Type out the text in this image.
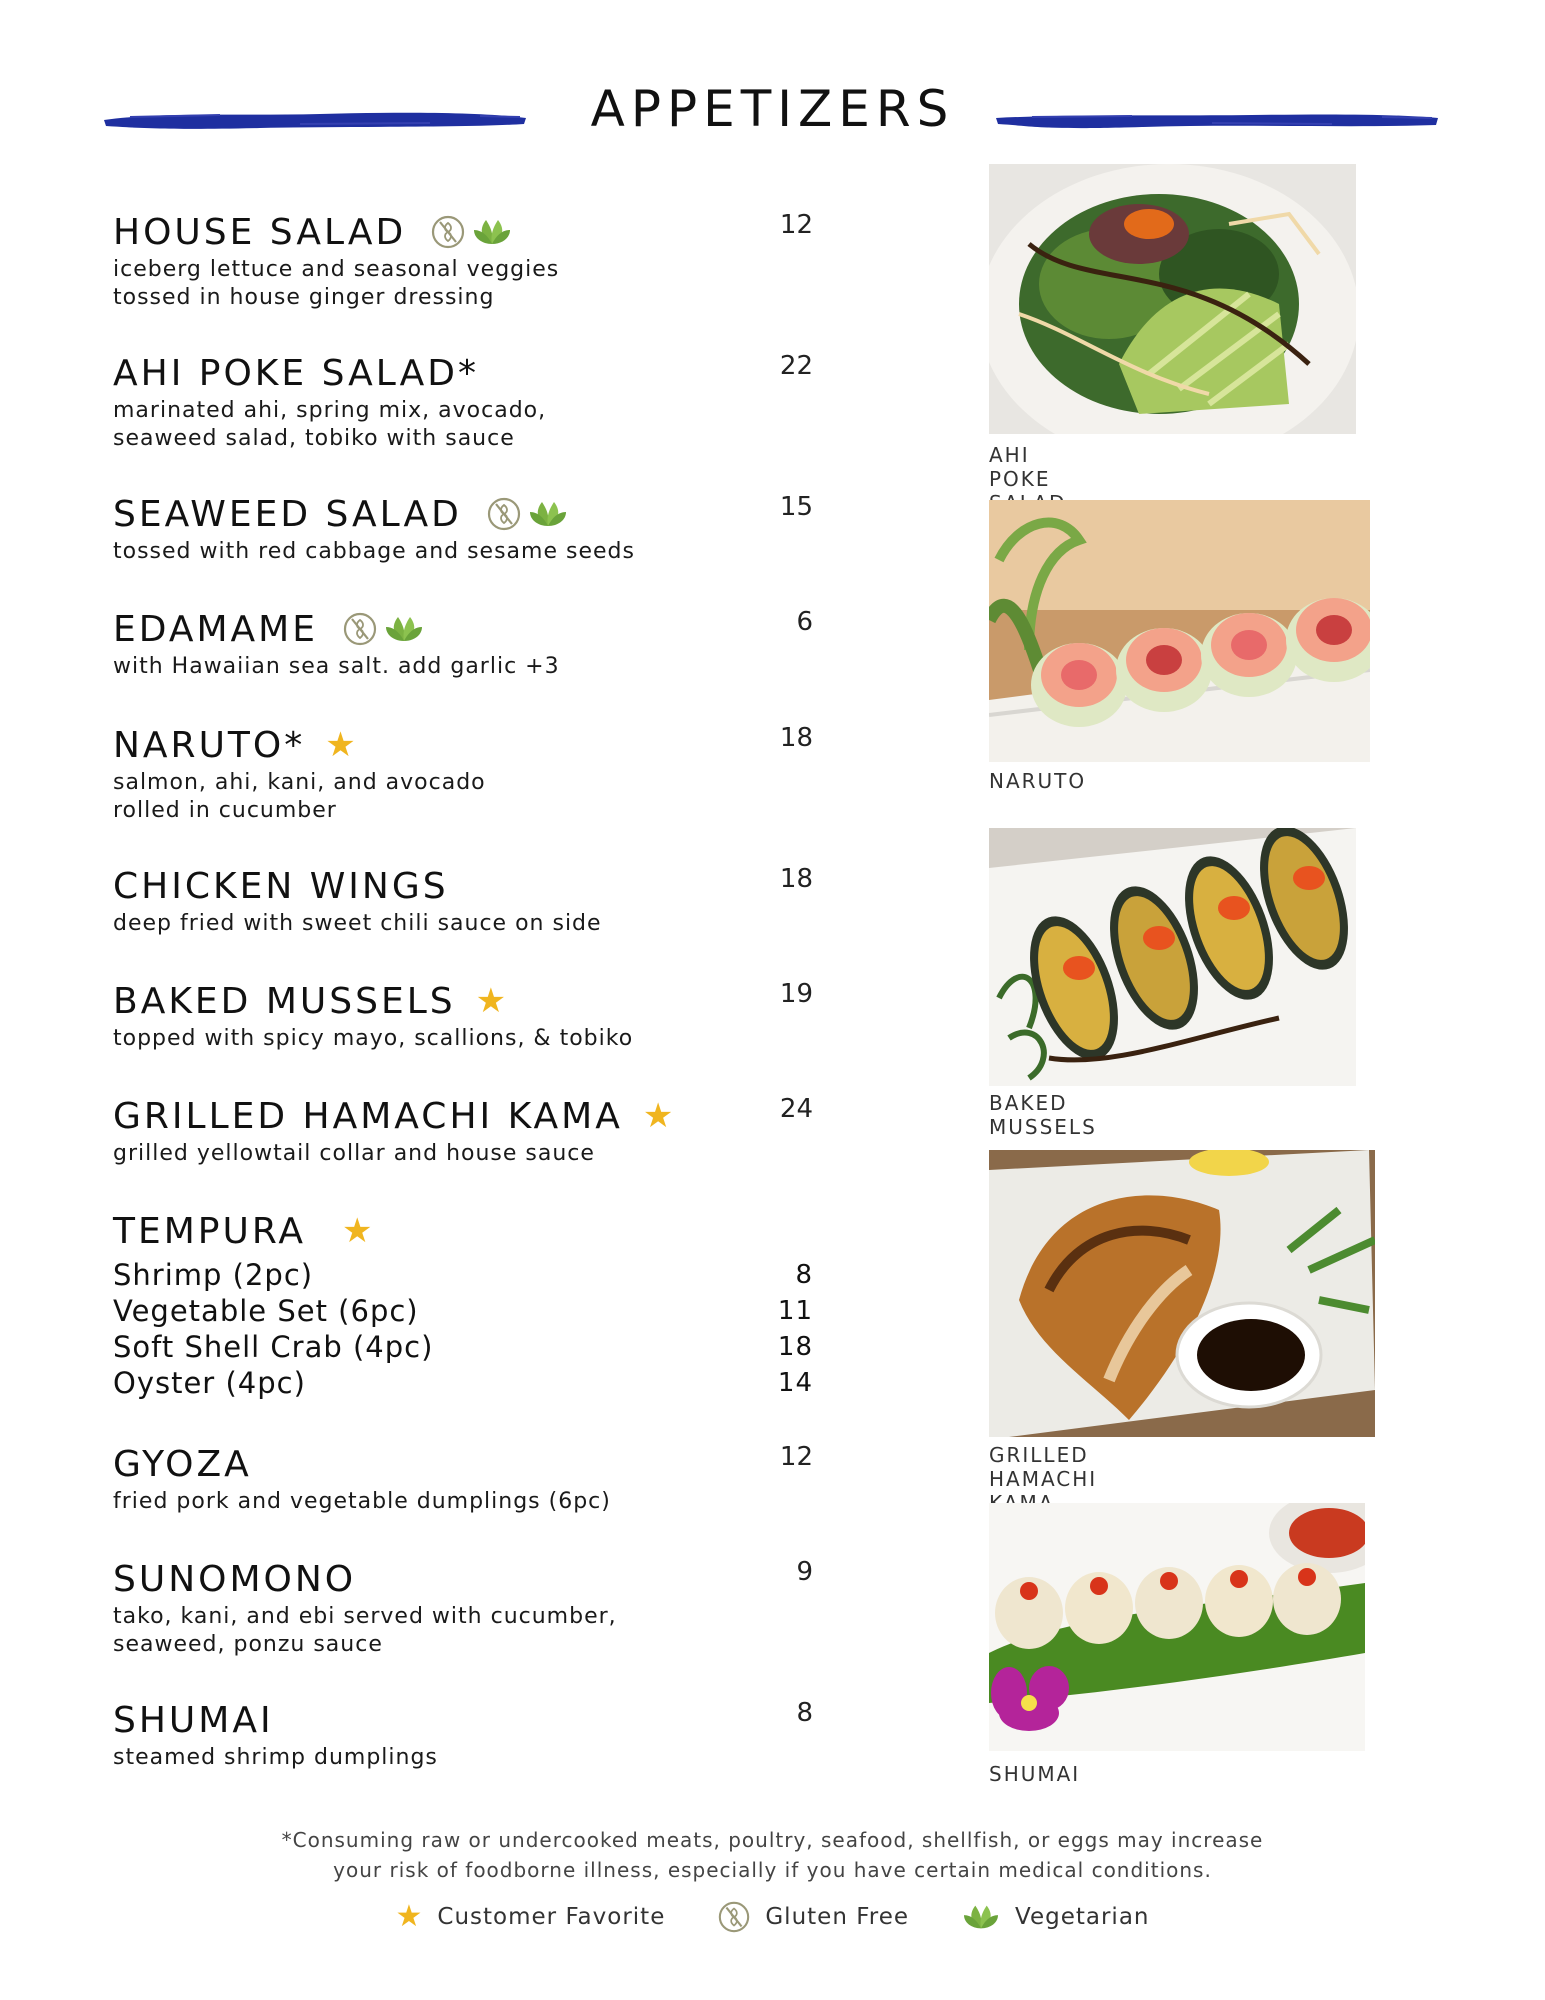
APPETIZERS
HOUSE SALAD	12
iceberg lettuce and seasonal veggies
tossed in house ginger dressing
AHI POKE SALAD*	22
marinated ahi, spring mix, avocado,
seaweed salad, tobiko with sauce
SEAWEED SALAD	15
tossed with red cabbage and sesame seeds
EDAMAME	6
with Hawaiian sea salt. add garlic +3
NARUTO* ★	18
salmon, ahi, kani, and avocado
rolled in cucumber
CHICKEN WINGS	18
deep fried with sweet chili sauce on side
BAKED MUSSELS ★	19
topped with spicy mayo, scallions, & tobiko
GRILLED HAMACHI KAMA ★	24
grilled yellowtail collar and house sauce
TEMPURA ★
Shrimp (2pc)	8
Vegetable Set (6pc)	11
Soft Shell Crab (4pc)	18
Oyster (4pc)	14
GYOZA	12
fried pork and vegetable dumplings (6pc)
SUNOMONO	9
tako, kani, and ebi served with cucumber,
seaweed, ponzu sauce
SHUMAI	8
steamed shrimp dumplings
AHI POKE
NARUTO
BAKED MUSSELS
GRILLED HAMACHI
SHUMAI
*Consuming raw or undercooked meats, poultry, seafood, shellfish, or eggs may increase
your risk of foodborne illness, especially if you have certain medical conditions.
★ Customer Favorite	Gluten Free	Vegetarian
